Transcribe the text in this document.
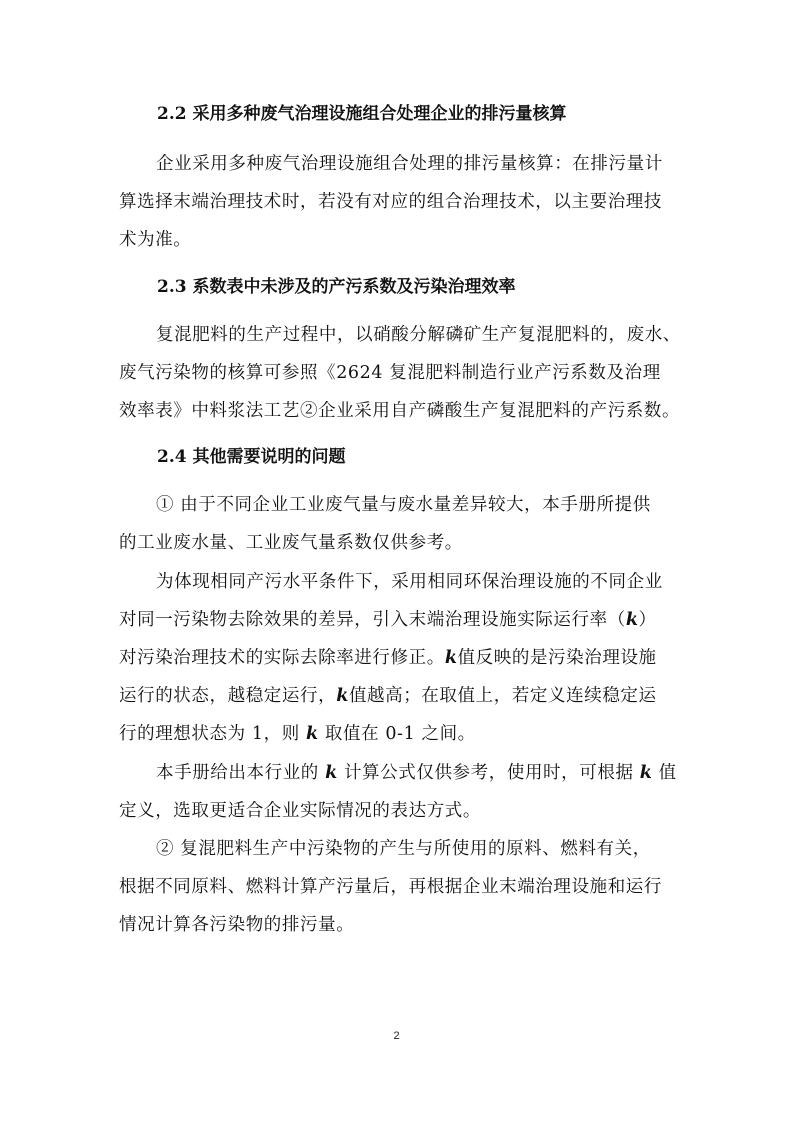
2.2 采用多种废气治理设施组合处理企业的排污量核算

企业采用多种废气治理设施组合处理的排污量核算：在排污量计
算选择末端治理技术时，若没有对应的组合治理技术，以主要治理技
术为准。

2.3 系数表中未涉及的产污系数及污染治理效率

复混肥料的生产过程中，以硝酸分解磷矿生产复混肥料的，废水、
废气污染物的核算可参照《2624 复混肥料制造行业产污系数及治理
效率表》中料浆法工艺②企业采用自产磷酸生产复混肥料的产污系数。

2.4 其他需要说明的问题

① 由于不同企业工业废气量与废水量差异较大，本手册所提供
的工业废水量、工业废气量系数仅供参考。

为体现相同产污水平条件下，采用相同环保治理设施的不同企业
对同一污染物去除效果的差异，引入末端治理设施实际运行率（k）
对污染治理技术的实际去除率进行修正。k值反映的是污染治理设施
运行的状态，越稳定运行，k值越高；在取值上，若定义连续稳定运
行的理想状态为 1，则 k 取值在 0-1 之间。

本手册给出本行业的 k 计算公式仅供参考，使用时，可根据 k 值
定义，选取更适合企业实际情况的表达方式。

② 复混肥料生产中污染物的产生与所使用的原料、燃料有关，
根据不同原料、燃料计算产污量后，再根据企业末端治理设施和运行
情况计算各污染物的排污量。

2
